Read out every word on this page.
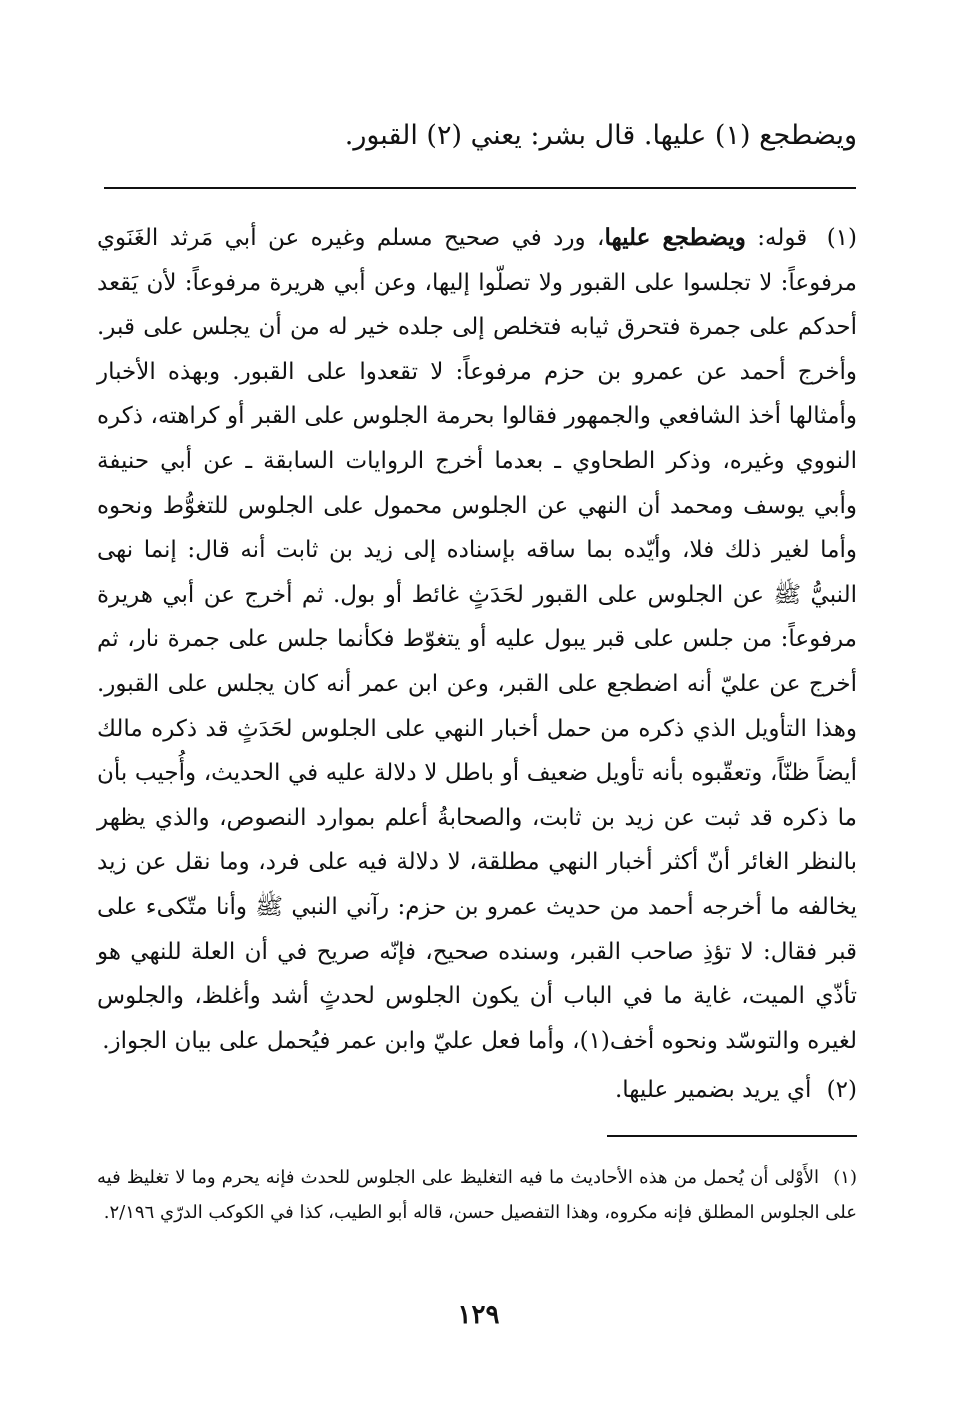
ويضطجع (١) عليها. قال بشر: يعني (٢) القبور.
(١) قوله: ويضطجع عليها، ورد في صحيح مسلم وغيره عن أبي مَرثد الغَنَوي مرفوعاً: لا تجلسوا على القبور ولا تصلّوا إليها، وعن أبي هريرة مرفوعاً: لأن يَقعد أحدكم على جمرة فتحرق ثيابه فتخلص إلى جلده خير له من أن يجلس على قبر. وأخرج أحمد عن عمرو بن حزم مرفوعاً: لا تقعدوا على القبور. وبهذه الأخبار وأمثالها أخذ الشافعي والجمهور فقالوا بحرمة الجلوس على القبر أو كراهته، ذكره النووي وغيره، وذكر الطحاوي ـ بعدما أخرج الروايات السابقة ـ عن أبي حنيفة وأبي يوسف ومحمد أن النهي عن الجلوس محمول على الجلوس للتغوُّط ونحوه وأما لغير ذلك فلا، وأيّده بما ساقه بإسناده إلى زيد بن ثابت أنه قال: إنما نهى النبيُّ ﷺ عن الجلوس على القبور لحَدَثٍ غائط أو بول. ثم أخرج عن أبي هريرة مرفوعاً: من جلس على قبر يبول عليه أو يتغوّط فكأنما جلس على جمرة نار، ثم أخرج عن عليّ أنه اضطجع على القبر، وعن ابن عمر أنه كان يجلس على القبور. وهذا التأويل الذي ذكره من حمل أخبار النهي على الجلوس لحَدَثٍ قد ذكره مالك أيضاً ظنّاً، وتعقّبوه بأنه تأويل ضعيف أو باطل لا دلالة عليه في الحديث، وأُجيب بأن ما ذكره قد ثبت عن زيد بن ثابت، والصحابةُ أعلم بموارد النصوص، والذي يظهر بالنظر الغائر أنّ أكثر أخبار النهي مطلقة، لا دلالة فيه على فرد، وما نقل عن زيد يخالفه ما أخرجه أحمد من حديث عمرو بن حزم: رآني النبي ﷺ وأنا متّكىء على قبر فقال: لا تؤذِ صاحب القبر، وسنده صحيح، فإنّه صريح في أن العلة للنهي هو تأذّي الميت، غاية ما في الباب أن يكون الجلوس لحدثٍ أشد وأغلظ، والجلوس لغيره والتوسّد ونحوه أخف(١)، وأما فعل عليّ وابن عمر فيُحمل على بيان الجواز.
(٢) أي يريد بضمير عليها.
(١) الأَوْلى أن يُحمل من هذه الأحاديث ما فيه التغليظ على الجلوس للحدث فإنه يحرم وما لا تغليظ فيه على الجلوس المطلق فإنه مكروه، وهذا التفصيل حسن، قاله أبو الطيب، كذا في الكوكب الدرّي ٢/١٩٦.
١٢٩
